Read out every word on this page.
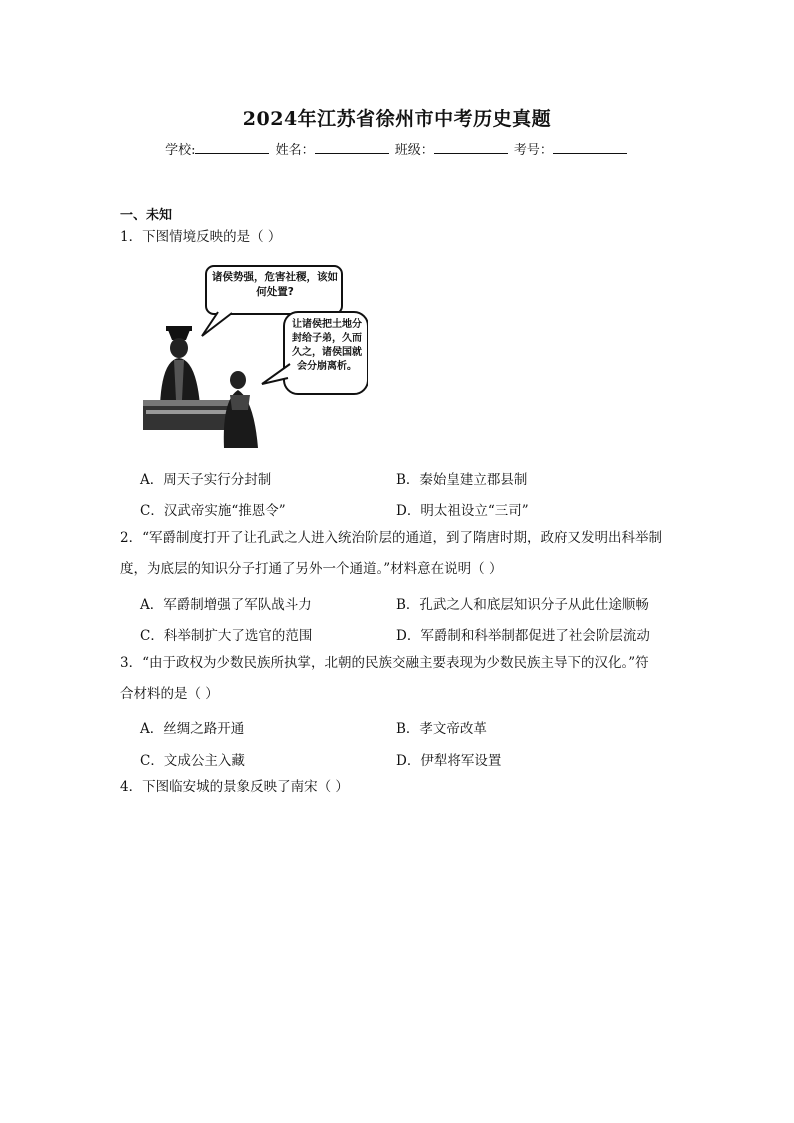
2024年江苏省徐州市中考历史真题
学校:	姓名：	班级：	考号：
一、未知
1．下图情境反映的是（ ）
诸侯势强，危害社稷，该如何处置?
让诸侯把土地分封给子弟，久而久之，诸侯国就会分崩离析。
A．周天子实行分封制	B．秦始皇建立郡县制
C．汉武帝实施“推恩令”	D．明太祖设立“三司”
2．“军爵制度打开了让孔武之人进入统治阶层的通道，到了隋唐时期，政府又发明出科举制
度，为底层的知识分子打通了另外一个通道。”材料意在说明（ ）
A．军爵制增强了军队战斗力	B．孔武之人和底层知识分子从此仕途顺畅
C．科举制扩大了选官的范围	D．军爵制和科举制都促进了社会阶层流动
3．“由于政权为少数民族所执掌，北朝的民族交融主要表现为少数民族主导下的汉化。”符
合材料的是（ ）
A．丝绸之路开通	B．孝文帝改革
C．文成公主入藏	D．伊犁将军设置
4．下图临安城的景象反映了南宋（ ）
